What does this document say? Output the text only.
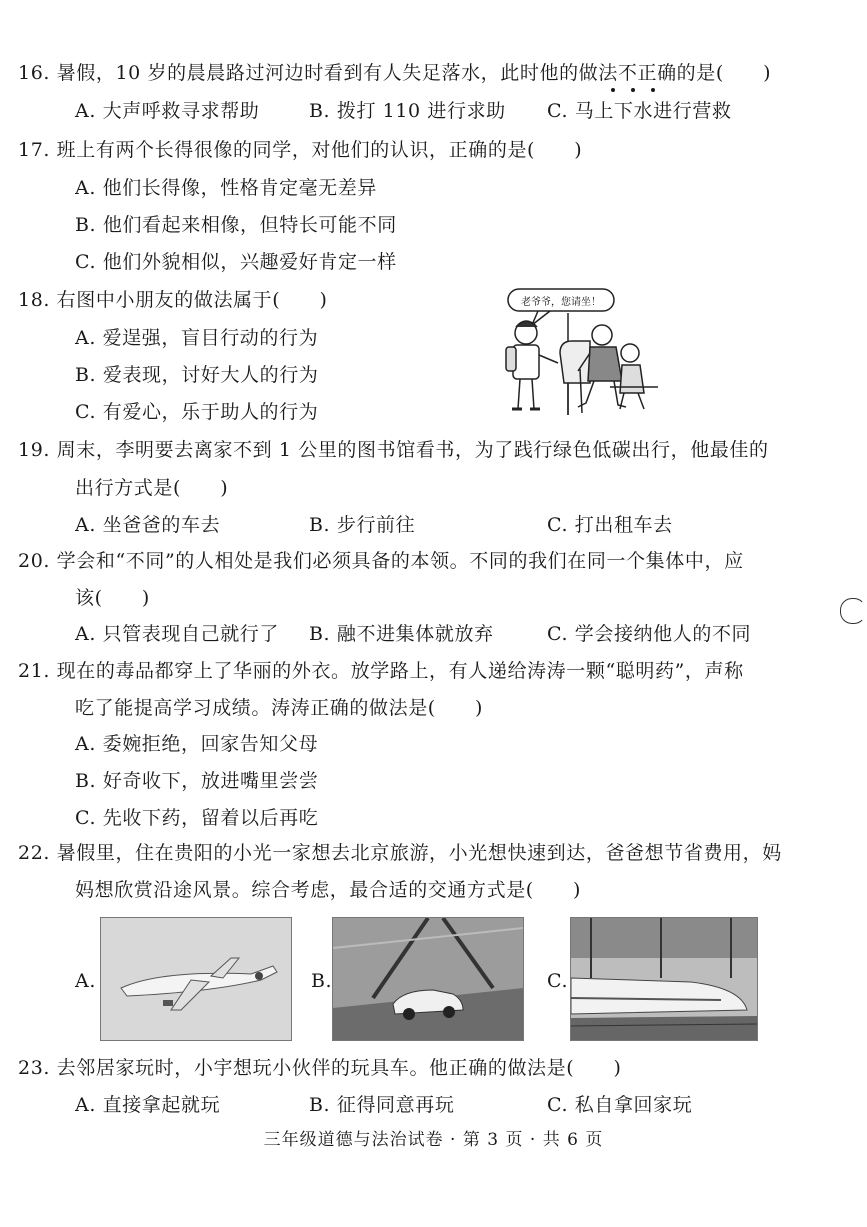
16. 暑假，10 岁的晨晨路过河边时看到有人失足落水，此时他的做法不正确的是(　　)
A. 大声呼救寻求帮助	B. 拨打 110 进行求助 C. 马上下水进行营救
17. 班上有两个长得很像的同学，对他们的认识，正确的是(　　)
A. 他们长得像，性格肯定毫无差异
B. 他们看起来相像，但特长可能不同
C. 他们外貌相似，兴趣爱好肯定一样
18. 右图中小朋友的做法属于(　　)
A. 爱逞强，盲目行动的行为
B. 爱表现，讨好大人的行为
C. 有爱心，乐于助人的行为
老爷爷，您请坐！
19. 周末，李明要去离家不到 1 公里的图书馆看书，为了践行绿色低碳出行，他最佳的
出行方式是(　　)
A. 坐爸爸的车去	B. 步行前往	C. 打出租车去
20. 学会和“不同”的人相处是我们必须具备的本领。不同的我们在同一个集体中，应
该(　　)
A. 只管表现自己就行了 B. 融不进集体就放弃	C. 学会接纳他人的不同
21. 现在的毒品都穿上了华丽的外衣。放学路上，有人递给涛涛一颗“聪明药”，声称
吃了能提高学习成绩。涛涛正确的做法是(　　)
A. 委婉拒绝，回家告知父母
B. 好奇收下，放进嘴里尝尝
C. 先收下药，留着以后再吃
22. 暑假里，住在贵阳的小光一家想去北京旅游，小光想快速到达，爸爸想节省费用，妈
妈想欣赏沿途风景。综合考虑，最合适的交通方式是(　　)
A.	B.	C.
23. 去邻居家玩时，小宇想玩小伙伴的玩具车。他正确的做法是(　　)
A. 直接拿起就玩	B. 征得同意再玩	C. 私自拿回家玩
三年级道德与法治试卷 · 第 3 页 · 共 6 页
